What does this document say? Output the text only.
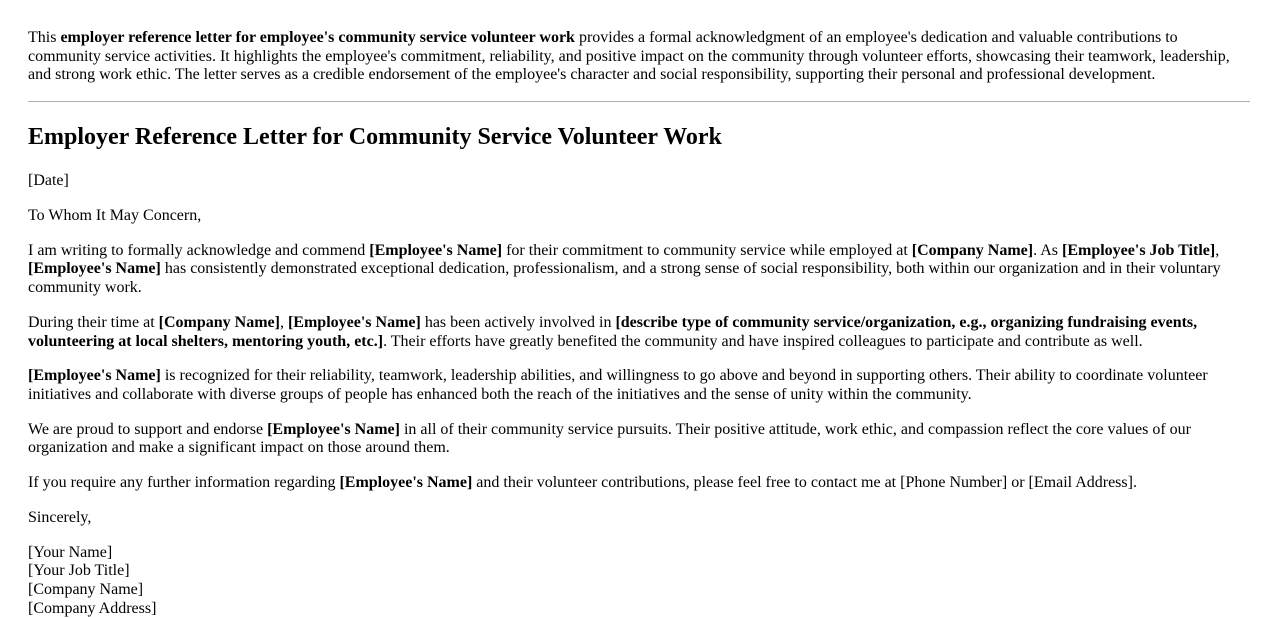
This employer reference letter for employee's community service volunteer work provides a formal acknowledgment of an employee's dedication and valuable contributions to community service activities. It highlights the employee's commitment, reliability, and positive impact on the community through volunteer efforts, showcasing their teamwork, leadership, and strong work ethic. The letter serves as a credible endorsement of the employee's character and social responsibility, supporting their personal and professional development.

Employer Reference Letter for Community Service Volunteer Work

[Date]

To Whom It May Concern,

I am writing to formally acknowledge and commend [Employee's Name] for their commitment to community service while employed at [Company Name]. As [Employee's Job Title], [Employee's Name] has consistently demonstrated exceptional dedication, professionalism, and a strong sense of social responsibility, both within our organization and in their voluntary community work.

During their time at [Company Name], [Employee's Name] has been actively involved in [describe type of community service/organization, e.g., organizing fundraising events, volunteering at local shelters, mentoring youth, etc.]. Their efforts have greatly benefited the community and have inspired colleagues to participate and contribute as well.

[Employee's Name] is recognized for their reliability, teamwork, leadership abilities, and willingness to go above and beyond in supporting others. Their ability to coordinate volunteer initiatives and collaborate with diverse groups of people has enhanced both the reach of the initiatives and the sense of unity within the community.

We are proud to support and endorse [Employee's Name] in all of their community service pursuits. Their positive attitude, work ethic, and compassion reflect the core values of our organization and make a significant impact on those around them.

If you require any further information regarding [Employee's Name] and their volunteer contributions, please feel free to contact me at [Phone Number] or [Email Address].

Sincerely,

[Your Name]
[Your Job Title]
[Company Name]
[Company Address]
